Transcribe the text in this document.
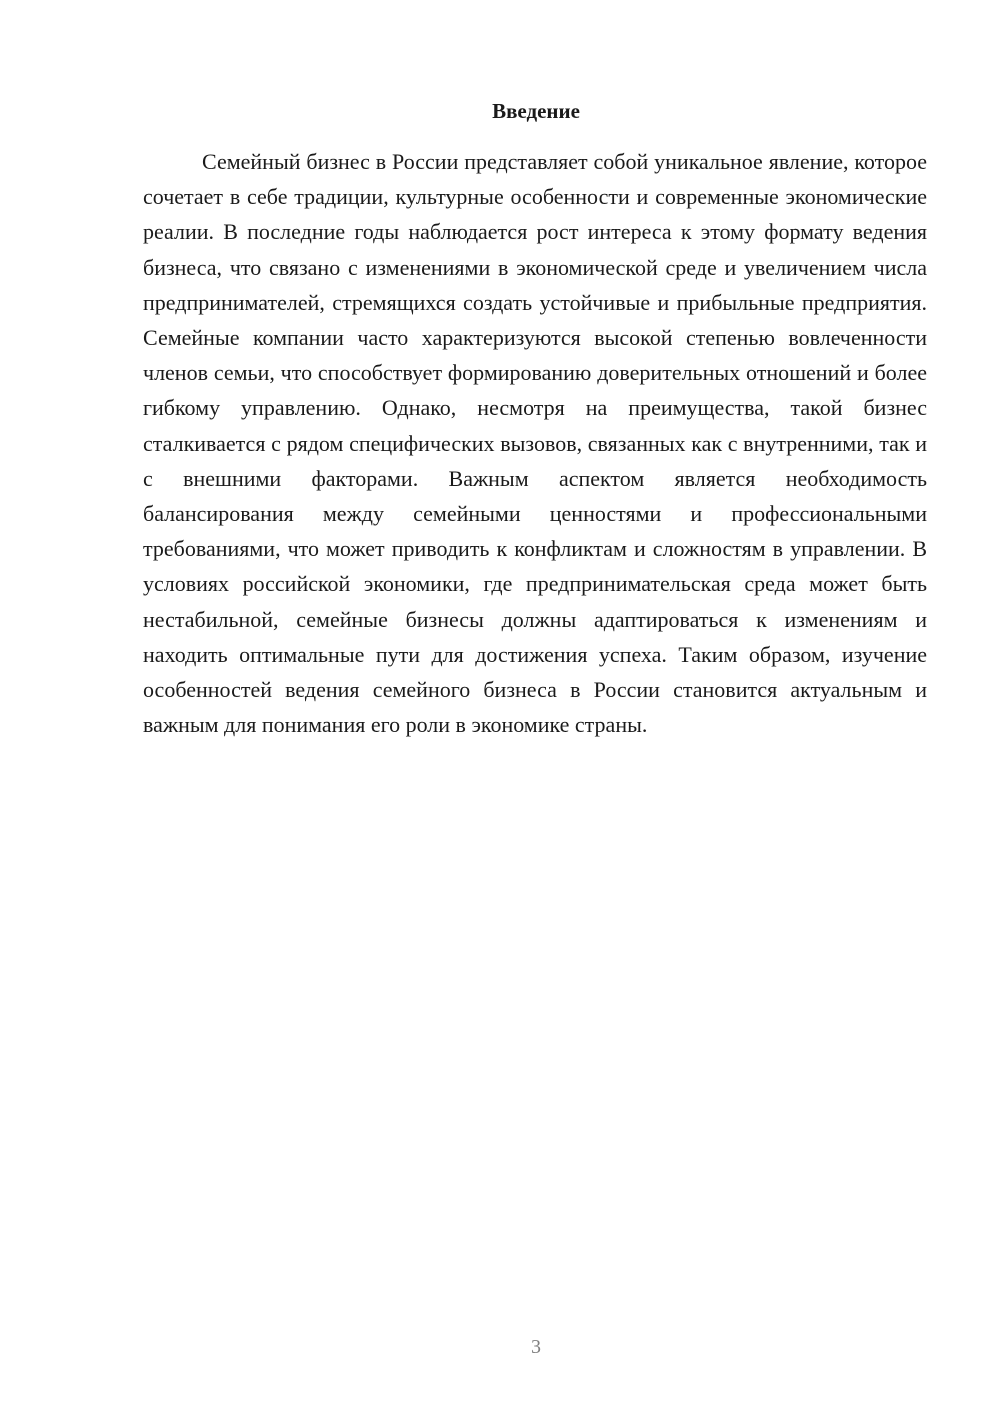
Введение

Семейный бизнес в России представляет собой уникальное явление, которое сочетает в себе традиции, культурные особенности и современные экономические реалии. В последние годы наблюдается рост интереса к этому формату ведения бизнеса, что связано с изменениями в экономической среде и увеличением числа предпринимателей, стремящихся создать устойчивые и прибыльные предприятия. Семейные компании часто характеризуются высокой степенью вовлеченности членов семьи, что способствует формированию доверительных отношений и более гибкому управлению. Однако, несмотря на преимущества, такой бизнес сталкивается с рядом специфических вызовов, связанных как с внутренними, так и с внешними факторами. Важным аспектом является необходимость балансирования между семейными ценностями и профессиональными требованиями, что может приводить к конфликтам и сложностям в управлении. В условиях российской экономики, где предпринимательская среда может быть нестабильной, семейные бизнесы должны адаптироваться к изменениям и находить оптимальные пути для достижения успеха. Таким образом, изучение особенностей ведения семейного бизнеса в России становится актуальным и важным для понимания его роли в экономике страны.

3
